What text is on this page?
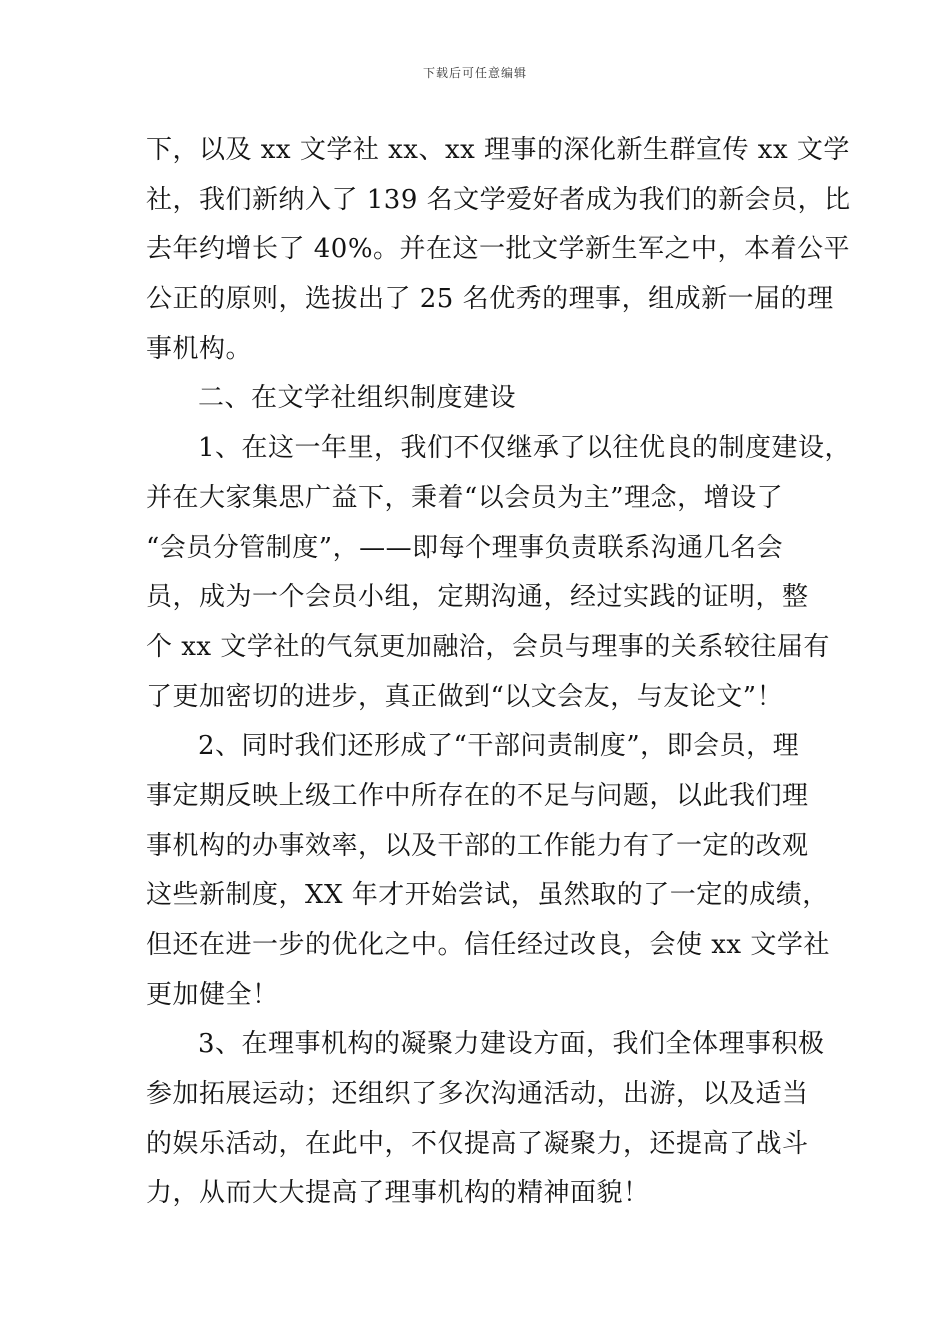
下载后可任意编辑
下，以及 xx 文学社 xx、xx 理事的深化新生群宣传 xx 文学
社，我们新纳入了 139 名文学爱好者成为我们的新会员，比
去年约增长了 40%。并在这一批文学新生军之中，本着公平
公正的原则，选拔出了 25 名优秀的理事，组成新一届的理
事机构。
二、在文学社组织制度建设
1、在这一年里，我们不仅继承了以往优良的制度建设，
并在大家集思广益下，秉着“以会员为主”理念，增设了
“会员分管制度”，——即每个理事负责联系沟通几名会
员，成为一个会员小组，定期沟通，经过实践的证明，整
个 xx 文学社的气氛更加融洽，会员与理事的关系较往届有
了更加密切的进步，真正做到“以文会友，与友论文”！
2、同时我们还形成了“干部问责制度”，即会员，理
事定期反映上级工作中所存在的不足与问题，以此我们理
事机构的办事效率，以及干部的工作能力有了一定的改观
这些新制度，XX 年才开始尝试，虽然取的了一定的成绩，
但还在进一步的优化之中。信任经过改良，会使 xx 文学社
更加健全！
3、在理事机构的凝聚力建设方面，我们全体理事积极
参加拓展运动；还组织了多次沟通活动，出游，以及适当
的娱乐活动，在此中，不仅提高了凝聚力，还提高了战斗
力，从而大大提高了理事机构的精神面貌！
